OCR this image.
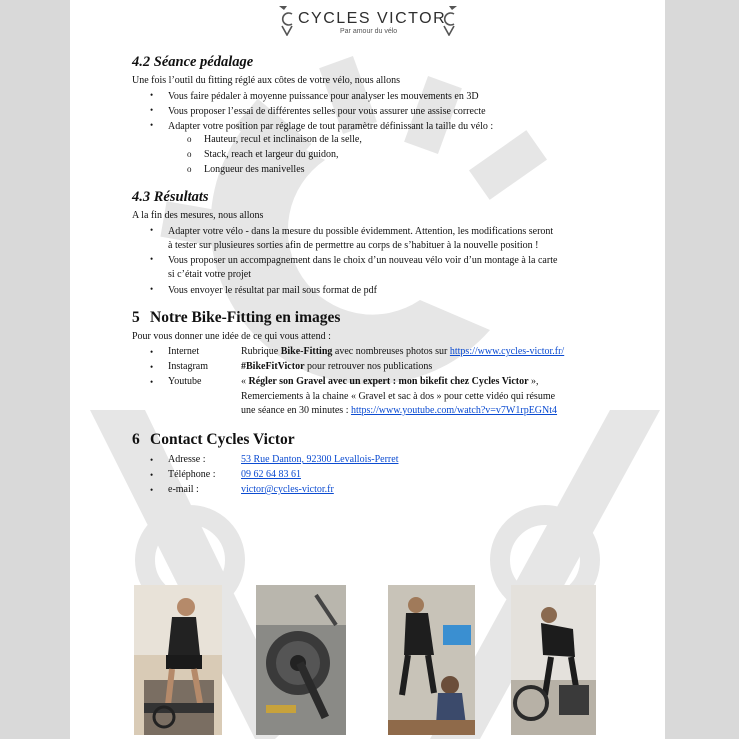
CYCLES VICTOR
Par amour du vélo
4.2 Séance pédalage
Une fois l’outil du fitting réglé aux côtes de votre vélo, nous allons
• Vous faire pédaler à moyenne puissance pour analyser les mouvements en 3D
• Vous proposer l’essai de différentes selles pour vous assurer une assise correcte
• Adapter votre position par réglage de tout paramètre définissant la taille du vélo :
o Hauteur, recul et inclinaison de la selle,
o Stack, reach et largeur du guidon,
o Longueur des manivelles
4.3 Résultats
A la fin des mesures, nous allons
• Adapter votre vélo - dans la mesure du possible évidemment. Attention, les modifications seront
à tester sur plusieures sorties afin de permettre au corps de s’habituer à la nouvelle position !
• Vous proposer un accompagnement dans le choix d’un nouveau vélo voir d’un montage à la carte
si c’était votre projet
• Vous envoyer le résultat par mail sous format de pdf
5 Notre Bike-Fitting en images
Pour vous donner une idée de ce qui vous attend :
• Internet	Rubrique Bike-Fitting avec nombreuses photos sur https://www.cycles-victor.fr/
• Instagram	#BikeFitVictor pour retrouver nos publications
• Youtube	« Régler son Gravel avec un expert : mon bikefit chez Cycles Victor »,
Remerciements à la chaine « Gravel et sac à dos » pour cette vidéo qui résume
une séance en 30 minutes : https://www.youtube.com/watch?v=v7W1rpEGNt4
6 Contact Cycles Victor
• Adresse :	53 Rue Danton, 92300 Levallois-Perret
• Téléphone :	09 62 64 83 61
• e-mail :	victor@cycles-victor.fr
